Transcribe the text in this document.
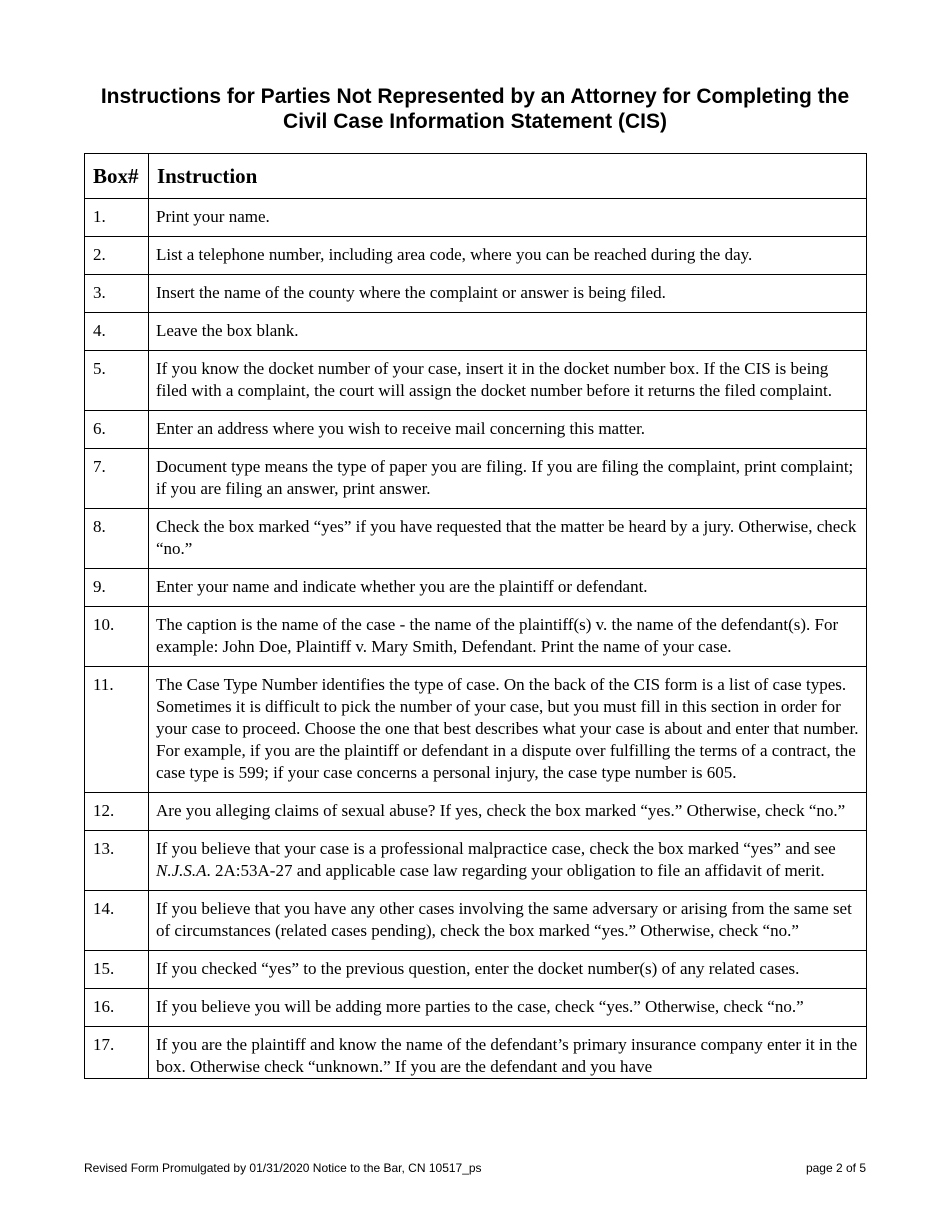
Instructions for Parties Not Represented by an Attorney for Completing the
Civil Case Information Statement (CIS)
Box#	Instruction
1.	Print your name.
2.	List a telephone number, including area code, where you can be reached during the day.
3.	Insert the name of the county where the complaint or answer is being filed.
4.	Leave the box blank.
5.	If you know the docket number of your case, insert it in the docket number box. If the CIS is being filed with a complaint, the court will assign the docket number before it returns the filed complaint.
6.	Enter an address where you wish to receive mail concerning this matter.
7.	Document type means the type of paper you are filing. If you are filing the complaint, print complaint; if you are filing an answer, print answer.
8.	Check the box marked “yes” if you have requested that the matter be heard by a jury. Otherwise, check “no.”
9.	Enter your name and indicate whether you are the plaintiff or defendant.
10.	The caption is the name of the case - the name of the plaintiff(s) v. the name of the defendant(s). For example: John Doe, Plaintiff v. Mary Smith, Defendant. Print the name of your case.
11.	The Case Type Number identifies the type of case. On the back of the CIS form is a list of case types. Sometimes it is difficult to pick the number of your case, but you must fill in this section in order for your case to proceed. Choose the one that best describes what your case is about and enter that number. For example, if you are the plaintiff or defendant in a dispute over fulfilling the terms of a contract, the case type is 599; if your case concerns a personal injury, the case type number is 605.
12.	Are you alleging claims of sexual abuse? If yes, check the box marked “yes.” Otherwise, check “no.”
13.	If you believe that your case is a professional malpractice case, check the box marked “yes” and see N.J.S.A. 2A:53A-27 and applicable case law regarding your obligation to file an affidavit of merit.
14.	If you believe that you have any other cases involving the same adversary or arising from the same set of circumstances (related cases pending), check the box marked “yes.” Otherwise, check “no.”
15.	If you checked “yes” to the previous question, enter the docket number(s) of any related cases.
16.	If you believe you will be adding more parties to the case, check “yes.” Otherwise, check “no.”
17.	If you are the plaintiff and know the name of the defendant’s primary insurance company enter it in the box. Otherwise check “unknown.” If you are the defendant and you have
Revised Form Promulgated by 01/31/2020 Notice to the Bar, CN 10517_ps	page 2 of 5
